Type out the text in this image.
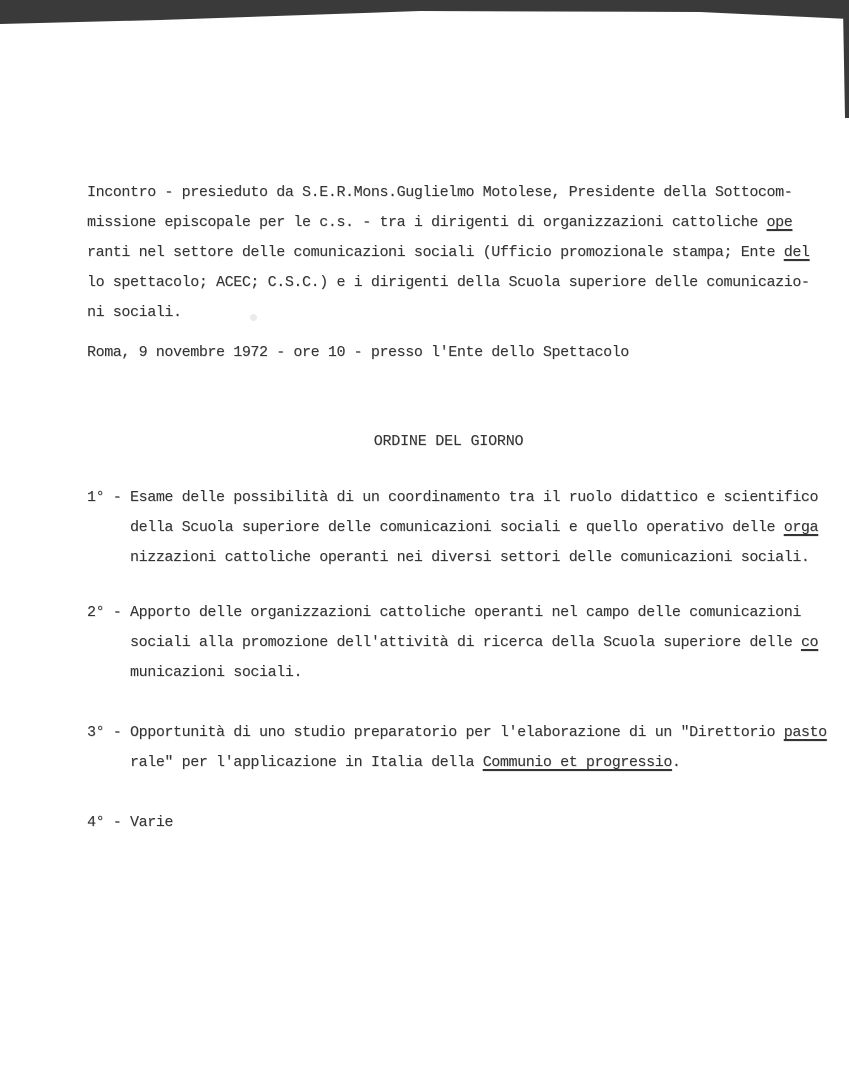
Incontro - presieduto da S.E.R.Mons.Guglielmo Motolese, Presidente della Sottocom-
missione episcopale per le c.s. - tra i dirigenti di organizzazioni cattoliche ope
ranti nel settore delle comunicazioni sociali (Ufficio promozionale stampa; Ente del
lo spettacolo; ACEC; C.S.C.) e i dirigenti della Scuola superiore delle comunicazio-
ni sociali.
Roma, 9 novembre 1972 - ore 10 - presso l'Ente dello Spettacolo
ORDINE DEL GIORNO
1° - Esame delle possibilità di un coordinamento tra il ruolo didattico e scientifico
della Scuola superiore delle comunicazioni sociali e quello operativo delle orga
nizzazioni cattoliche operanti nei diversi settori delle comunicazioni sociali.
2° - Apporto delle organizzazioni cattoliche operanti nel campo delle comunicazioni
sociali alla promozione dell'attività di ricerca della Scuola superiore delle co
municazioni sociali.
3° - Opportunità di uno studio preparatorio per l'elaborazione di un "Direttorio pasto
rale" per l'applicazione in Italia della Communio et progressio.
4° - Varie
